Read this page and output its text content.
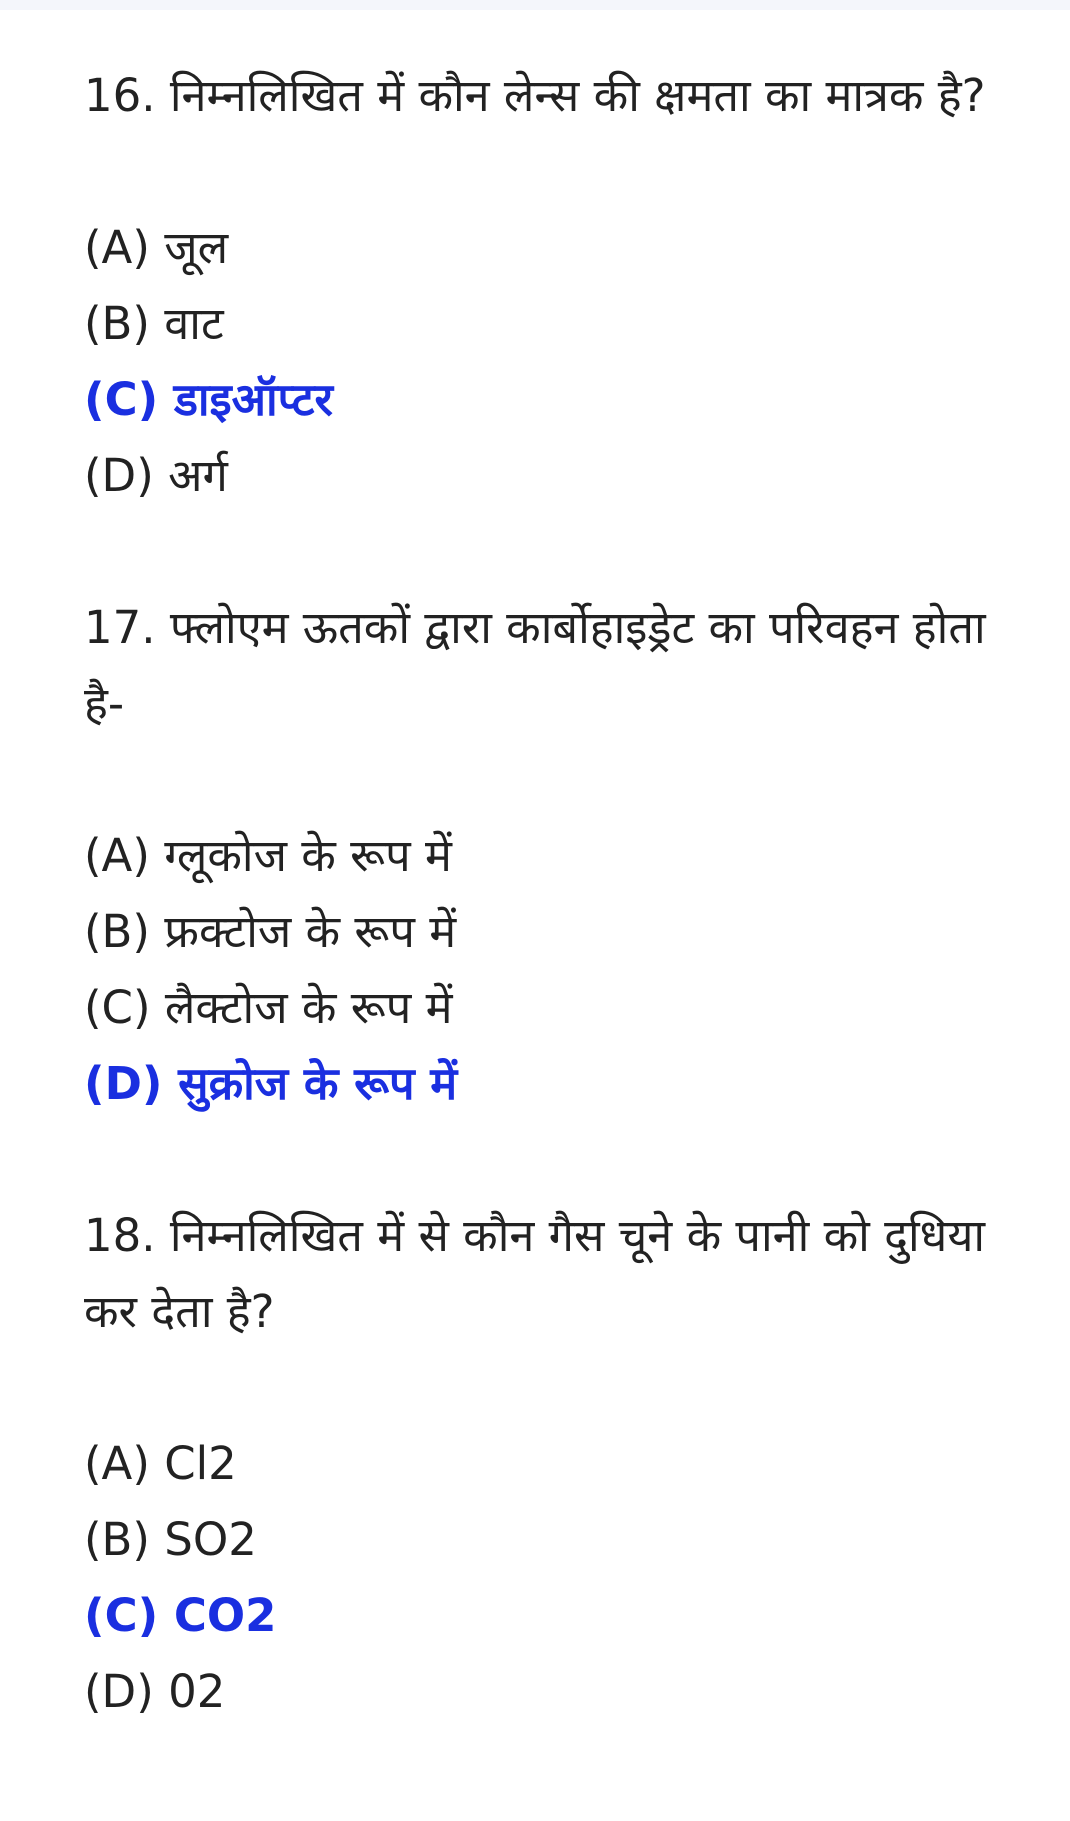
16. निम्नलिखित में कौन लेन्स की क्षमता का मात्रक है?

(A) जूल
(B) वाट
(C) डाइऑप्टर
(D) अर्ग

17. फ्लोएम ऊतकों द्वारा कार्बोहाइड्रेट का परिवहन होता है-

(A) ग्लूकोज के रूप में
(B) फ्रक्टोज के रूप में
(C) लैक्टोज के रूप में
(D) सुक्रोज के रूप में

18. निम्नलिखित में से कौन गैस चूने के पानी को दुधिया कर देता है?

(A) Cl2
(B) SO2
(C) CO2
(D) 02
